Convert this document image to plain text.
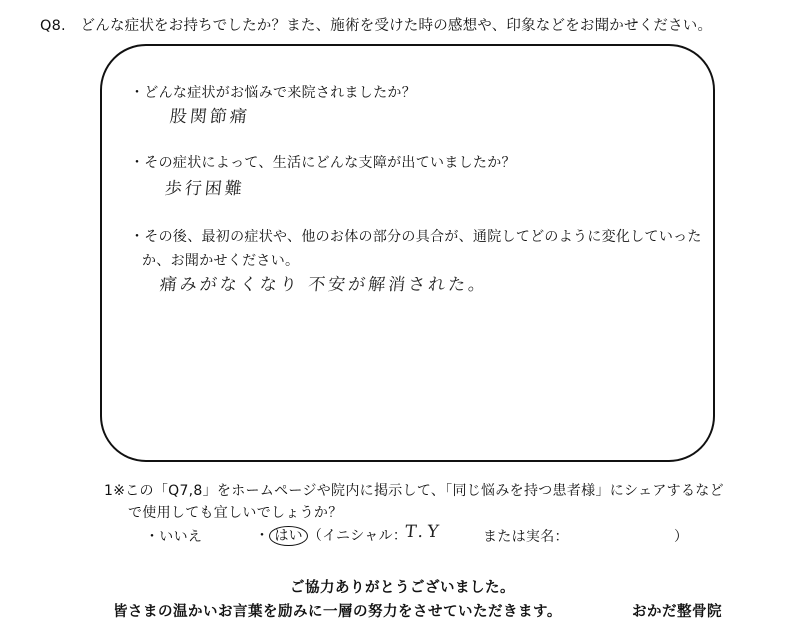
Q8.　どんな症状をお持ちでしたか？また、施術を受けた時の感想や、印象などをお聞かせください。
・どんな症状がお悩みで来院されましたか？
股関節痛
・その症状によって、生活にどんな支障が出ていましたか？
歩行困難
・その後、最初の症状や、他のお体の部分の具合が、通院してどのように変化していった
か、お聞かせください。
痛みがなくなり 不安が解消された。
1※この「Q7,8」をホームページや院内に掲示して、「同じ悩みを持つ患者様」にシェアするなど
で使用しても宜しいでしょうか？
・いいえ	・ はい （イニシャル：
T.Y	または実名：	）
ご協力ありがとうございました。
皆さまの温かいお言葉を励みに一層の努力をさせていただきます。	おかだ整骨院
